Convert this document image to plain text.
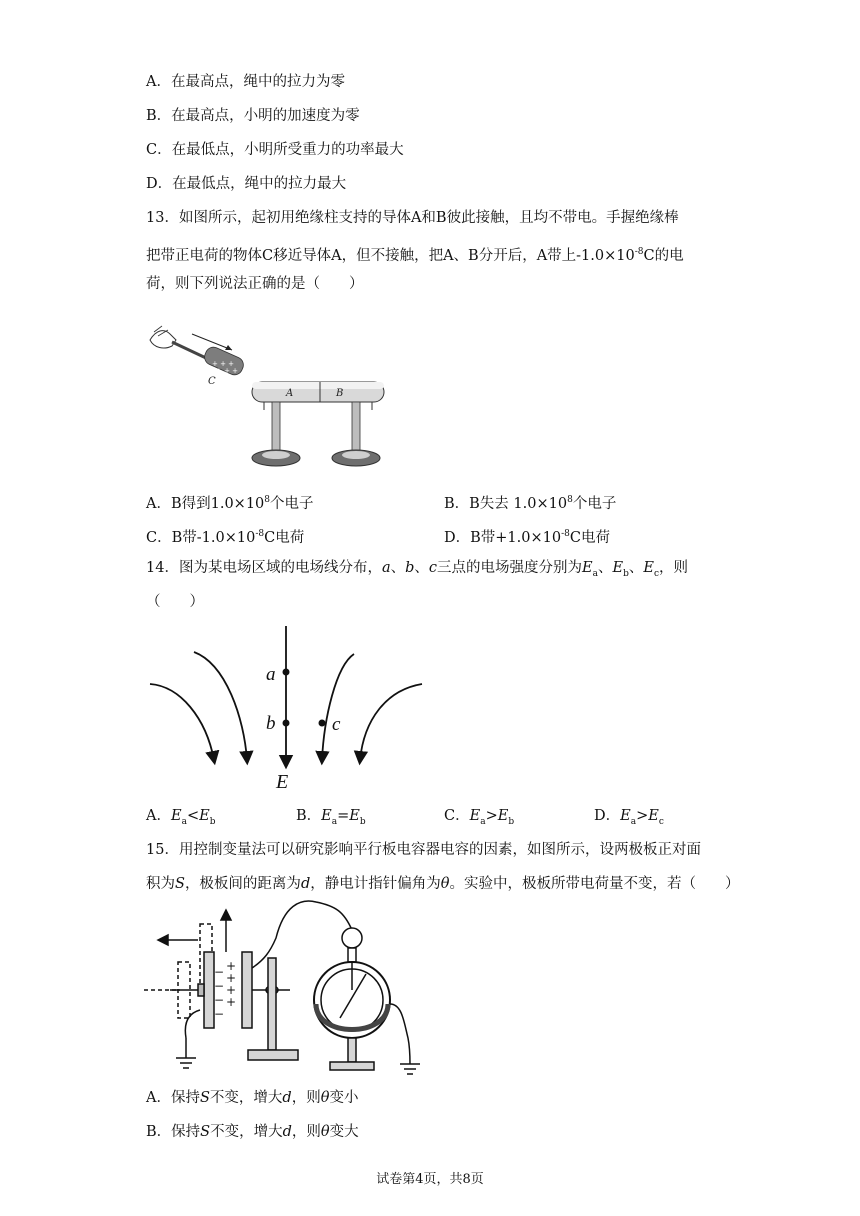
A．在最高点，绳中的拉力为零
B．在最高点，小明的加速度为零
C．在最低点，小明所受重力的功率最大
D．在最低点，绳中的拉力最大
13．如图所示，起初用绝缘柱支持的导体A和B彼此接触，且均不带电。手握绝缘棒
把带正电荷的物体C移近导体A，但不接触，把A、B分开后，A带上$-1.0\times 10^{-8}C$的电
荷，则下列说法正确的是（　　）
+ + +
+ + +
C
A	B
A．B得到$1.0\times 10^8$个电子	B．B失去 $1.0\times 10^8$个电子
C．B带$-1.0\times 10^{-8}C$电荷	D．B带$+1.0\times 10^{-8}C$电荷
14．图为某电场区域的电场线分布，a、b、c三点的电场强度分别为$E_a$、$E_b$、$E_c$，则
（　　）
a
b	c
E
A．$E_a<E_b$	B．$E_a=E_b$	C．$E_a>E_b$	D．$E_a>E_c$
15．用控制变量法可以研究影响平行板电容器电容的因素，如图所示，设两极板正对面
积为S，极板间的距离为d，静电计指针偏角为θ。实验中，极板所带电荷量不变，若（　　）
+
+
+
+
−
−
−
−
A．保持S不变，增大d，则θ变小
B．保持S不变，增大d，则θ变大
试卷第4页，共8页
